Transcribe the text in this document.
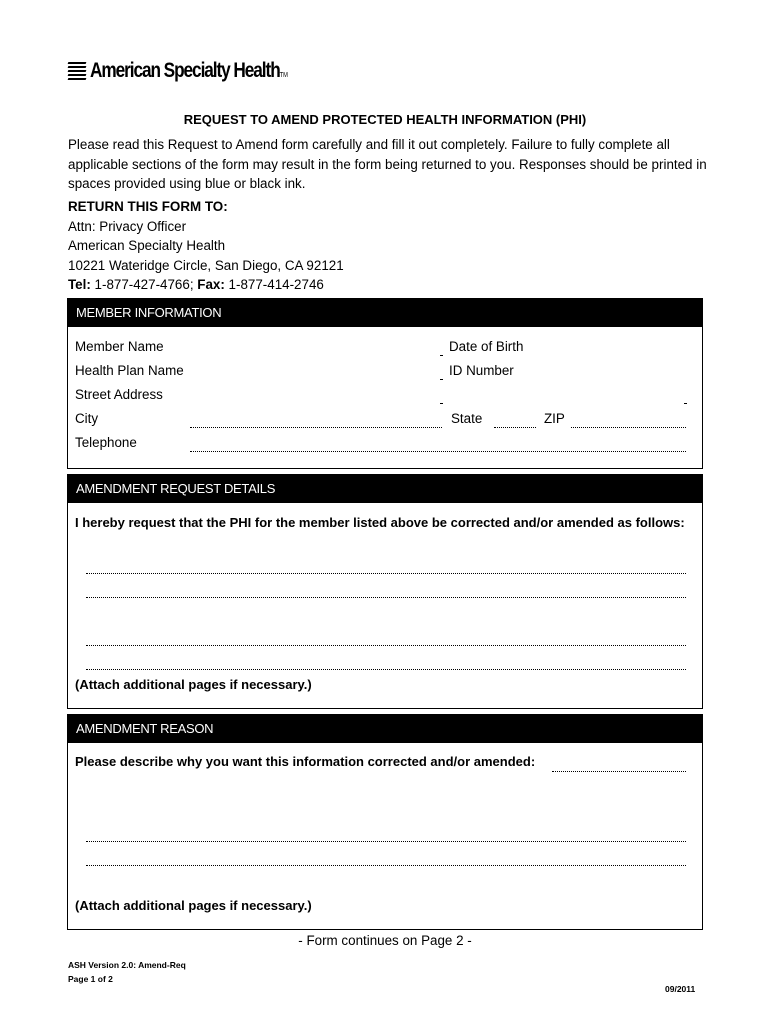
American Specialty HealthTM
REQUEST TO AMEND PROTECTED HEALTH INFORMATION (PHI)
Please read this Request to Amend form carefully and fill it out completely. Failure to fully complete all applicable sections of the form may result in the form being returned to you. Responses should be printed in spaces provided using blue or black ink.
RETURN THIS FORM TO:
Attn: Privacy Officer
American Specialty Health
10221 Wateridge Circle, San Diego, CA 92121
Tel: 1-877-427-4766; Fax: 1-877-414-2746
MEMBER INFORMATION
Member Name	Date of Birth
Health Plan Name	ID Number
Street Address
City	State	ZIP
Telephone
AMENDMENT REQUEST DETAILS
I hereby request that the PHI for the member listed above be corrected and/or amended as follows:
(Attach additional pages if necessary.)
AMENDMENT REASON
Please describe why you want this information corrected and/or amended:
(Attach additional pages if necessary.)
- Form continues on Page 2 -
ASH Version 2.0: Amend-Req
Page 1 of 2
09/2011
